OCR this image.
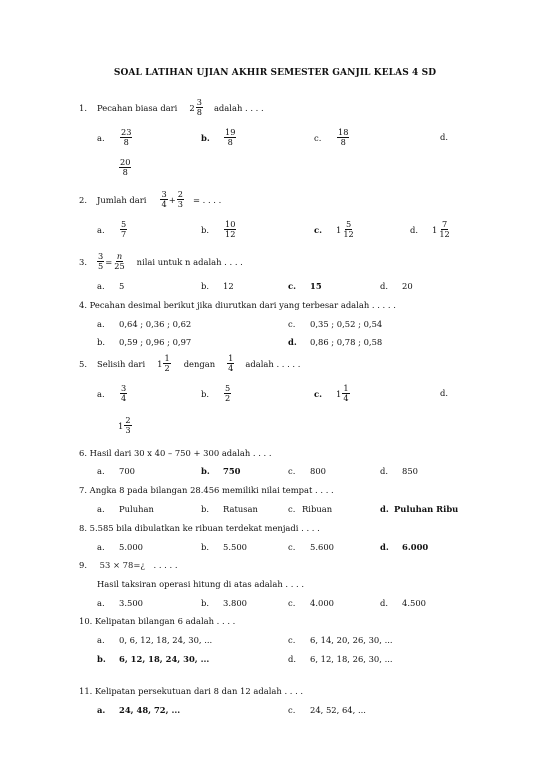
SOAL LATIHAN UJIAN AKHIR SEMESTER GANJIL KELAS 4 SD
1. Pecahan biasa dari $2 \frac{3}{8}$ adalah . . . .
a.	$\frac{23}{8}$	b.	$\frac{19}{8}$	c.	$\frac{18}{8}$	d.
$\frac{20}{8}$
2. Jumlah dari $\frac{3}{4} + \frac{2}{3}$ = . . . .
a.	$\frac{5}{7}$	b.	$\frac{10}{12}$	c.	$1 \frac{5}{12}$	d.	$1 \frac{7}{12}$
3. $\frac{3}{5} = \frac{n}{25}$ nilai untuk n adalah . . . .
a.	5	b.	12	c.	15	d.	20
4. Pecahan desimal berikut jika diurutkan dari yang terbesar adalah . . . . .
a.	0,64 ; 0,36 ; 0,62	c.	0,35 ; 0,52 ; 0,54
b.	0,59 ; 0,96 ; 0,97	d.	0,86 ; 0,78 ; 0,58
5. Selisih dari $1 \frac{1}{2}$ dengan $\frac{1}{4}$ adalah . . . . .
a.	$\frac{3}{4}$	b.	$\frac{5}{2}$	c.	$1 \frac{1}{4}$	d.
$1 \frac{2}{3}$
6. Hasil dari 30 x 40 – 750 + 300 adalah . . . .
a.	700	b.	750	c.	800	d.	850
7. Angka 8 pada bilangan 28.456 memiliki nilai tempat . . . .
a.	Puluhan	b.	Ratusan	c. Ribuan	d. Puluhan Ribu
8. 5.585 bila dibulatkan ke ribuan terdekat menjadi . . . .
a.	5.000	b.	5.500	c.	5.600	d.	6.000
9. 53 × 78=¿ . . . . .
Hasil taksiran operasi hitung di atas adalah . . . .
a.	3.500	b.	3.800	c.	4.000	d.	4.500
10. Kelipatan bilangan 6 adalah . . . .
a.	0, 6, 12, 18, 24, 30, ...	c.	6, 14, 20, 26, 30, ...
b.	6, 12, 18, 24, 30, ...	d.	6, 12, 18, 26, 30, ...
11. Kelipatan persekutuan dari 8 dan 12 adalah . . . .
a.	24, 48, 72, ...	c.	24, 52, 64, ...
